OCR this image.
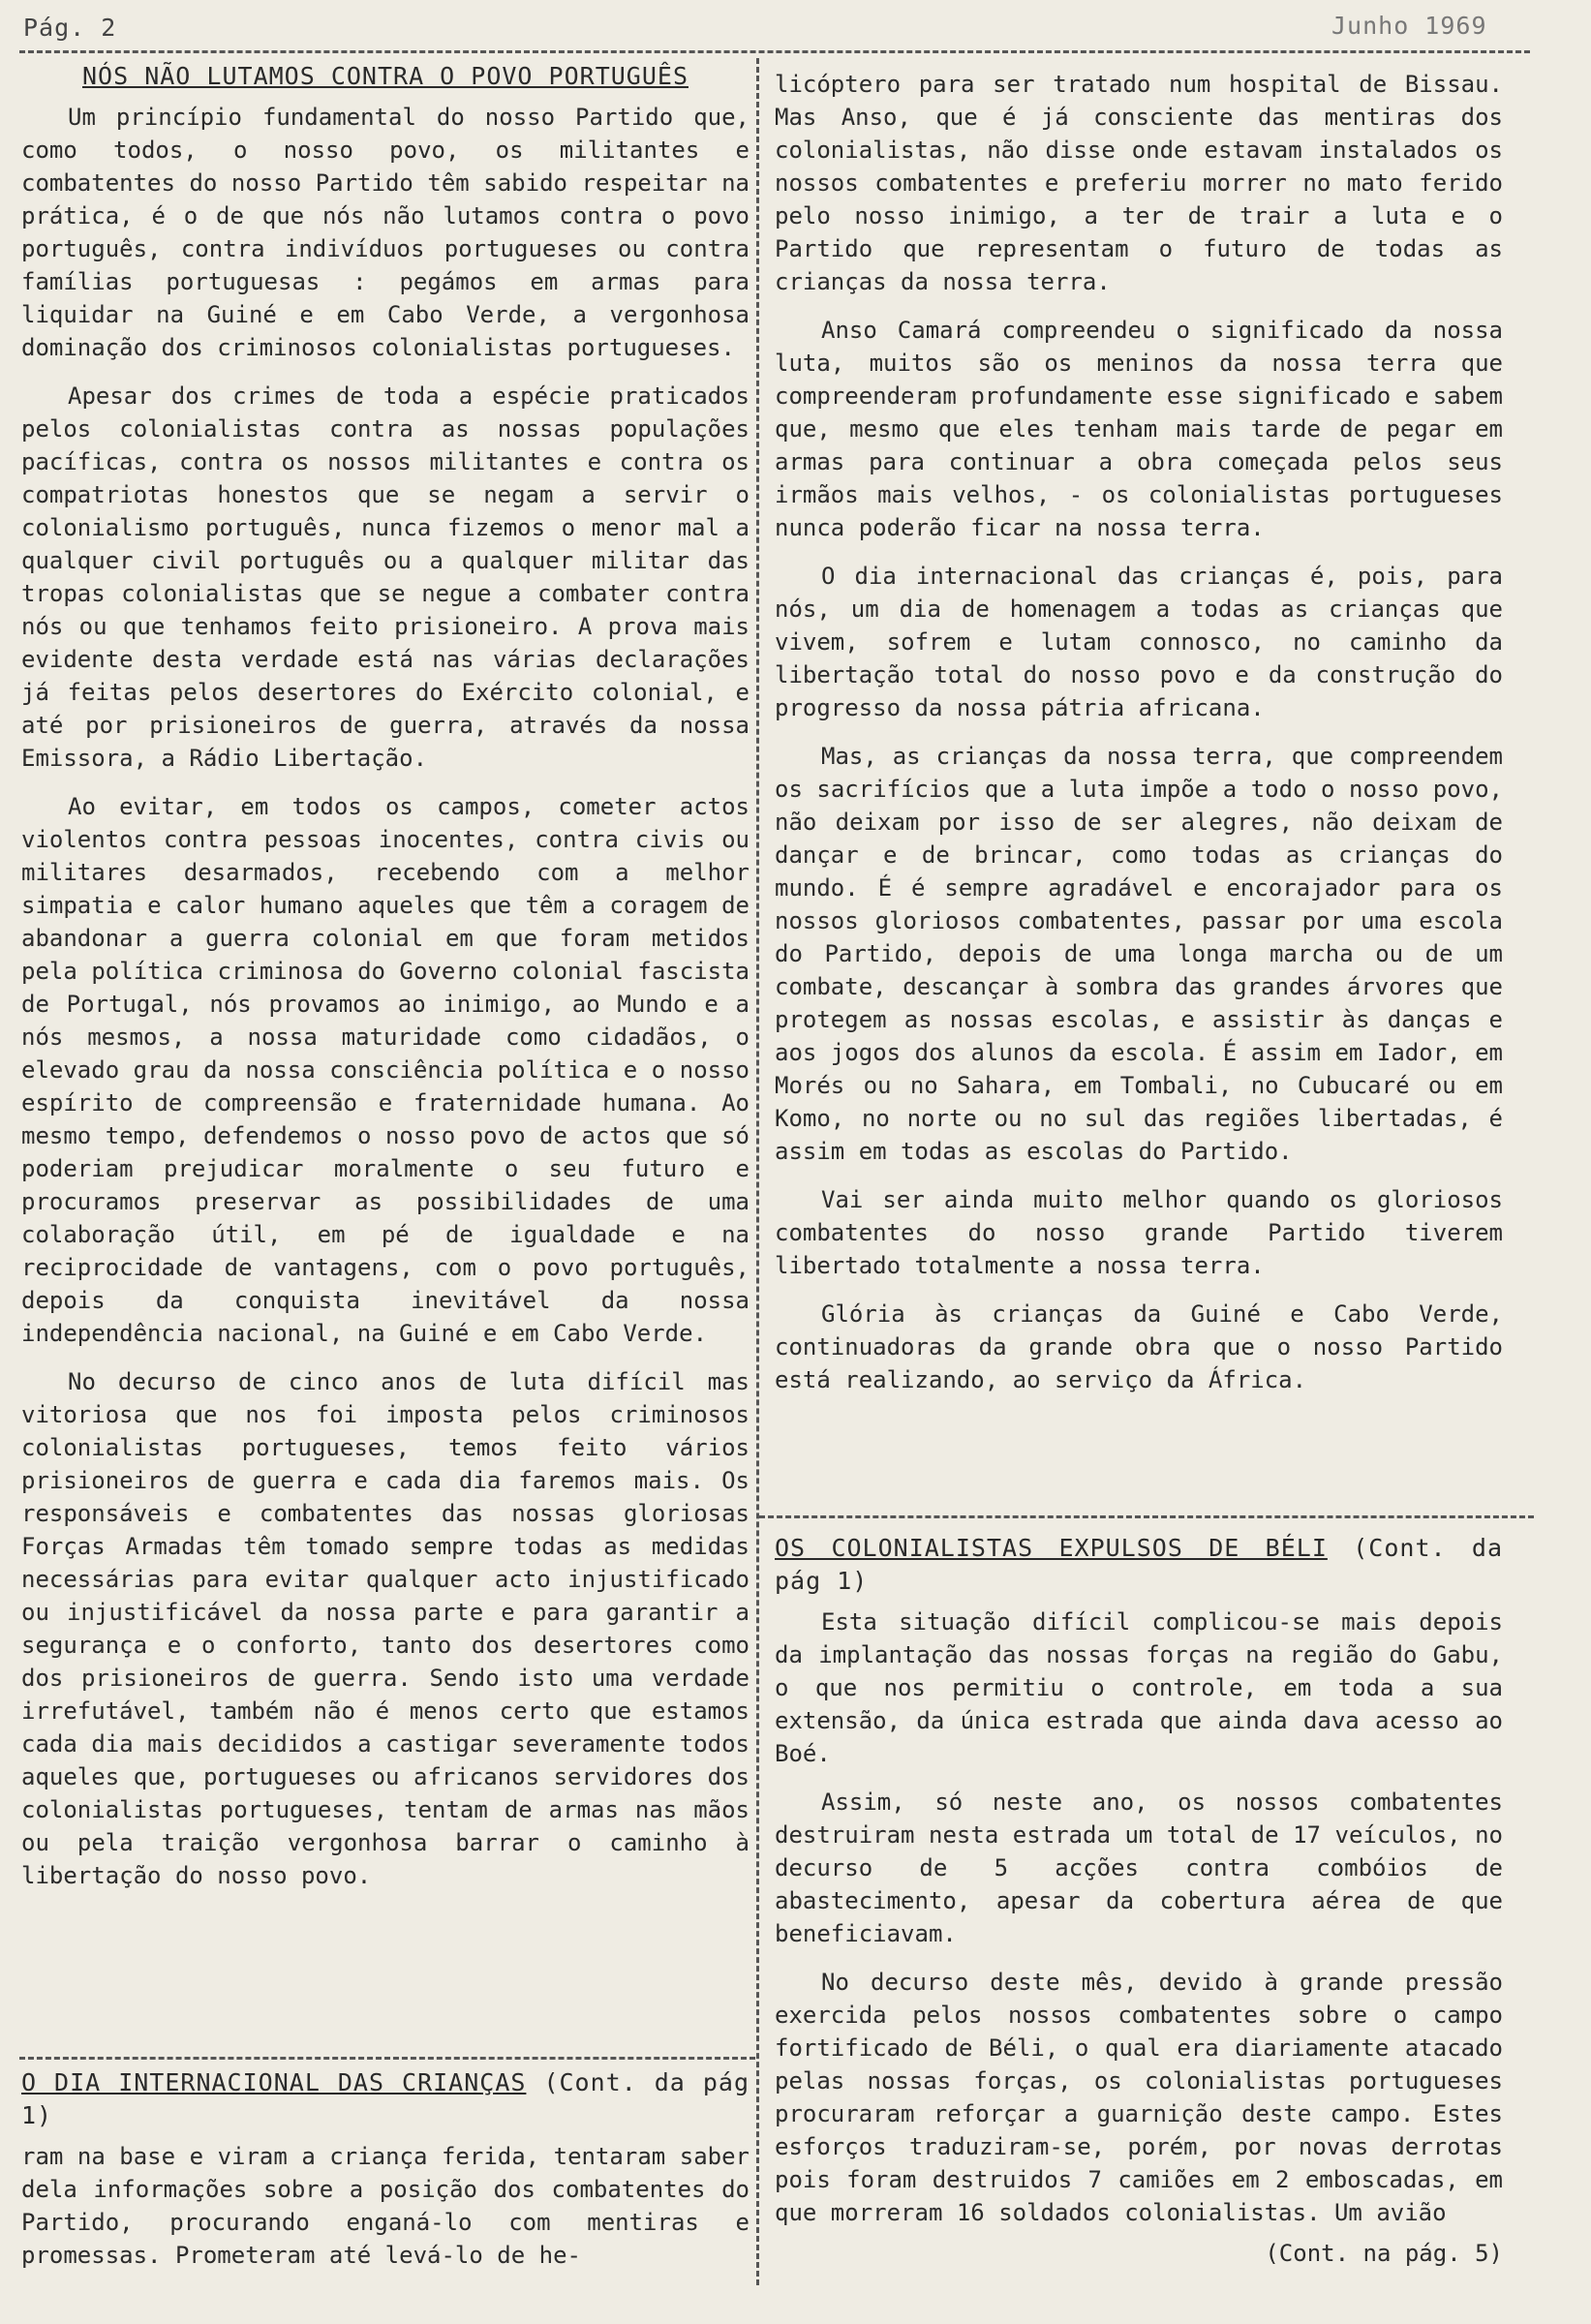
Pág. 2	Junho 1969
NÓS NÃO LUTAMOS CONTRA O POVO PORTUGUÊS

Um princípio fundamental do nosso Partido que, como todos, o nosso povo, os militantes e combatentes do nosso Partido têm sabido respeitar na prática, é o de que nós não lutamos contra o povo português, contra indivíduos portugueses ou contra famílias portuguesas : pegámos em armas para liquidar na Guiné e em Cabo Verde, a vergonhosa dominação dos criminosos colonialistas portugueses.

Apesar dos crimes de toda a espécie praticados pelos colonialistas contra as nossas populações pacíficas, contra os nossos militantes e contra os compatriotas honestos que se negam a servir o colonialismo português, nunca fizemos o menor mal a qualquer civil português ou a qualquer militar das tropas colonialistas que se negue a combater contra nós ou que tenhamos feito prisioneiro. A prova mais evidente desta verdade está nas várias declarações já feitas pelos desertores do Exército colonial, e até por prisioneiros de guerra, através da nossa Emissora, a Rádio Libertação.

Ao evitar, em todos os campos, cometer actos violentos contra pessoas inocentes, contra civis ou militares desarmados, recebendo com a melhor simpatia e calor humano aqueles que têm a coragem de abandonar a guerra colonial em que foram metidos pela política criminosa do Governo colonial fascista de Portugal, nós provamos ao inimigo, ao Mundo e a nós mesmos, a nossa maturidade como cidadãos, o elevado grau da nossa consciência política e o nosso espírito de compreensão e fraternidade humana. Ao mesmo tempo, defendemos o nosso povo de actos que só poderiam prejudicar moralmente o seu futuro e procuramos preservar as possibilidades de uma colaboração útil, em pé de igualdade e na reciprocidade de vantagens, com o povo português, depois da conquista inevitável da nossa independência nacional, na Guiné e em Cabo Verde.

No decurso de cinco anos de luta difícil mas vitoriosa que nos foi imposta pelos criminosos colonialistas portugueses, temos feito vários prisioneiros de guerra e cada dia faremos mais. Os responsáveis e combatentes das nossas gloriosas Forças Armadas têm tomado sempre todas as medidas necessárias para evitar qualquer acto injustificado ou injustificável da nossa parte e para garantir a segurança e o conforto, tanto dos desertores como dos prisioneiros de guerra. Sendo isto uma verdade irrefutável, também não é menos certo que estamos cada dia mais decididos a castigar severamente todos aqueles que, portugueses ou africanos servidores dos colonialistas portugueses, tentam de armas nas mãos ou pela traição vergonhosa barrar o caminho à libertação do nosso povo.

O DIA INTERNACIONAL DAS CRIANÇAS (Cont. da pág 1)

ram na base e viram a criança ferida, tentaram saber dela informações sobre a posição dos combatentes do Partido, procurando enganá-lo com mentiras e promessas. Prometeram até levá-lo de he-

licóptero para ser tratado num hospital de Bissau. Mas Anso, que é já consciente das mentiras dos colonialistas, não disse onde estavam instalados os nossos combatentes e preferiu morrer no mato ferido pelo nosso inimigo, a ter de trair a luta e o Partido que representam o futuro de todas as crianças da nossa terra.

Anso Camará compreendeu o significado da nossa luta, muitos são os meninos da nossa terra que compreenderam profundamente esse significado e sabem que, mesmo que eles tenham mais tarde de pegar em armas para continuar a obra começada pelos seus irmãos mais velhos, - os colonialistas portugueses nunca poderão ficar na nossa terra.

O dia internacional das crianças é, pois, para nós, um dia de homenagem a todas as crianças que vivem, sofrem e lutam connosco, no caminho da libertação total do nosso povo e da construção do progresso da nossa pátria africana.

Mas, as crianças da nossa terra, que compreendem os sacrifícios que a luta impõe a todo o nosso povo, não deixam por isso de ser alegres, não deixam de dançar e de brincar, como todas as crianças do mundo. É é sempre agradável e encorajador para os nossos gloriosos combatentes, passar por uma escola do Partido, depois de uma longa marcha ou de um combate, descançar à sombra das grandes árvores que protegem as nossas escolas, e assistir às danças e aos jogos dos alunos da escola. É assim em Iador, em Morés ou no Sahara, em Tombali, no Cubucaré ou em Komo, no norte ou no sul das regiões libertadas, é assim em todas as escolas do Partido.

Vai ser ainda muito melhor quando os gloriosos combatentes do nosso grande Partido tiverem libertado totalmente a nossa terra.

Glória às crianças da Guiné e Cabo Verde, continuadoras da grande obra que o nosso Partido está realizando, ao serviço da África.

OS COLONIALISTAS EXPULSOS DE BÉLI (Cont. da pág 1)

Esta situação difícil complicou-se mais depois da implantação das nossas forças na região do Gabu, o que nos permitiu o controle, em toda a sua extensão, da única estrada que ainda dava acesso ao Boé.

Assim, só neste ano, os nossos combatentes destruiram nesta estrada um total de 17 veículos, no decurso de 5 acções contra combóios de abastecimento, apesar da cobertura aérea de que beneficiavam.

No decurso deste mês, devido à grande pressão exercida pelos nossos combatentes sobre o campo fortificado de Béli, o qual era diariamente atacado pelas nossas forças, os colonialistas portugueses procuraram reforçar a guarnição deste campo. Estes esforços traduziram-se, porém, por novas derrotas pois foram destruidos 7 camiões em 2 emboscadas, em que morreram 16 soldados colonialistas. Um avião

(Cont. na pág. 5)
